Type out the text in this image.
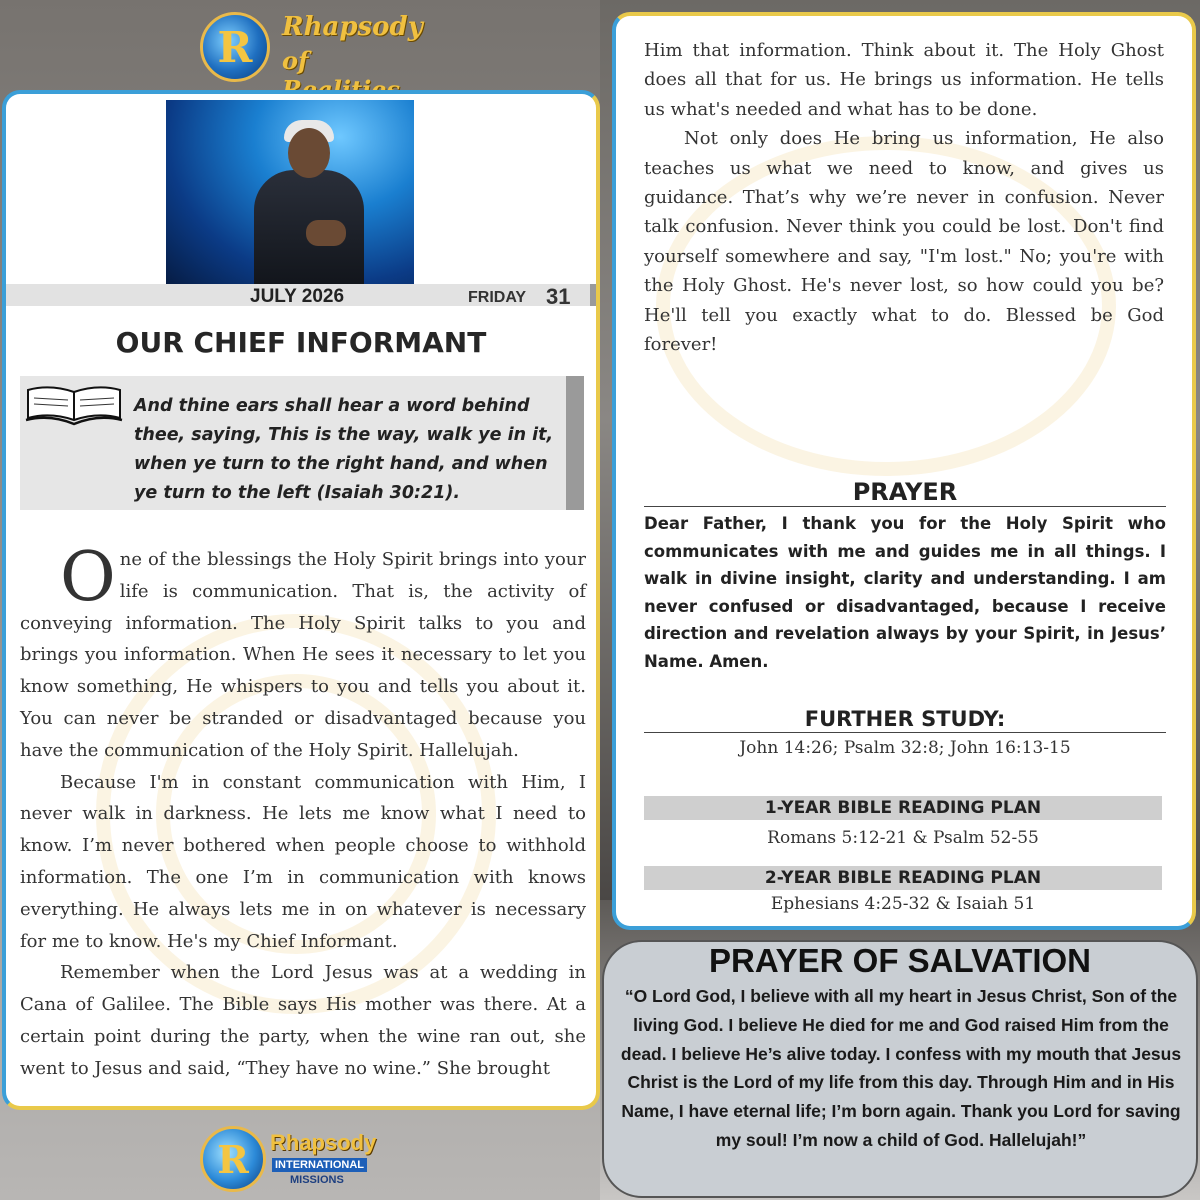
R	Rhapsody
of
JULY 2026	FRIDAY 31
OUR CHIEF INFORMANT
And thine ears shall hear a word behind thee, saying, This is the way, walk ye in it, when ye turn to the right hand, and when ye turn to the left (Isaiah 30:21).

One of the blessings the Holy Spirit brings into your life is communication. That is, the activity of conveying information. The Holy Spirit talks to you and brings you information. When He sees it necessary to let you know something, He whispers to you and tells you about it. You can never be stranded or disadvantaged because you have the communication of the Holy Spirit. Hallelujah.

Because I'm in constant communication with Him, I never walk in darkness. He lets me know what I need to know. I’m never bothered when people choose to withhold information. The one I’m in communication with knows everything. He always lets me in on whatever is necessary for me to know. He's my Chief Informant.

Remember when the Lord Jesus was at a wedding in Cana of Galilee. The Bible says His mother was there. At a certain point during the party, when the wine ran out, she went to Jesus and said, “They have no wine.” She brought

Him that information. Think about it. The Holy Ghost does all that for us. He brings us information. He tells us what's needed and what has to be done.

Not only does He bring us information, He also teaches us what we need to know, and gives us guidance. That’s why we’re never in confusion. Never talk confusion. Never think you could be lost. Don't find yourself somewhere and say, "I'm lost." No; you're with the Holy Ghost. He's never lost, so how could you be? He'll tell you exactly what to do. Blessed be God forever!

PRAYER
Dear Father, I thank you for the Holy Spirit who communicates with me and guides me in all things. I walk in divine insight, clarity and understanding. I am never confused or disadvantaged, because I receive direction and revelation always by your Spirit, in Jesus’ Name. Amen.
FURTHER STUDY:
John 14:26; Psalm 32:8; John 16:13-15
1-YEAR BIBLE READING PLAN
Romans 5:12-21 & Psalm 52-55
2-YEAR BIBLE READING PLAN
Ephesians 4:25-32 & Isaiah 51
PRAYER OF SALVATION
“O Lord God, I believe with all my heart in Jesus Christ, Son of the living God. I believe He died for me and God raised Him from the dead. I believe He’s alive today. I confess with my mouth that Jesus Christ is the Lord of my life from this day. Through Him and in His Name, I have eternal life; I’m born again. Thank you Lord for saving my soul! I’m now a child of God. Hallelujah!”
R Rhapsody
INTERNATIONAL
MISSIONS
